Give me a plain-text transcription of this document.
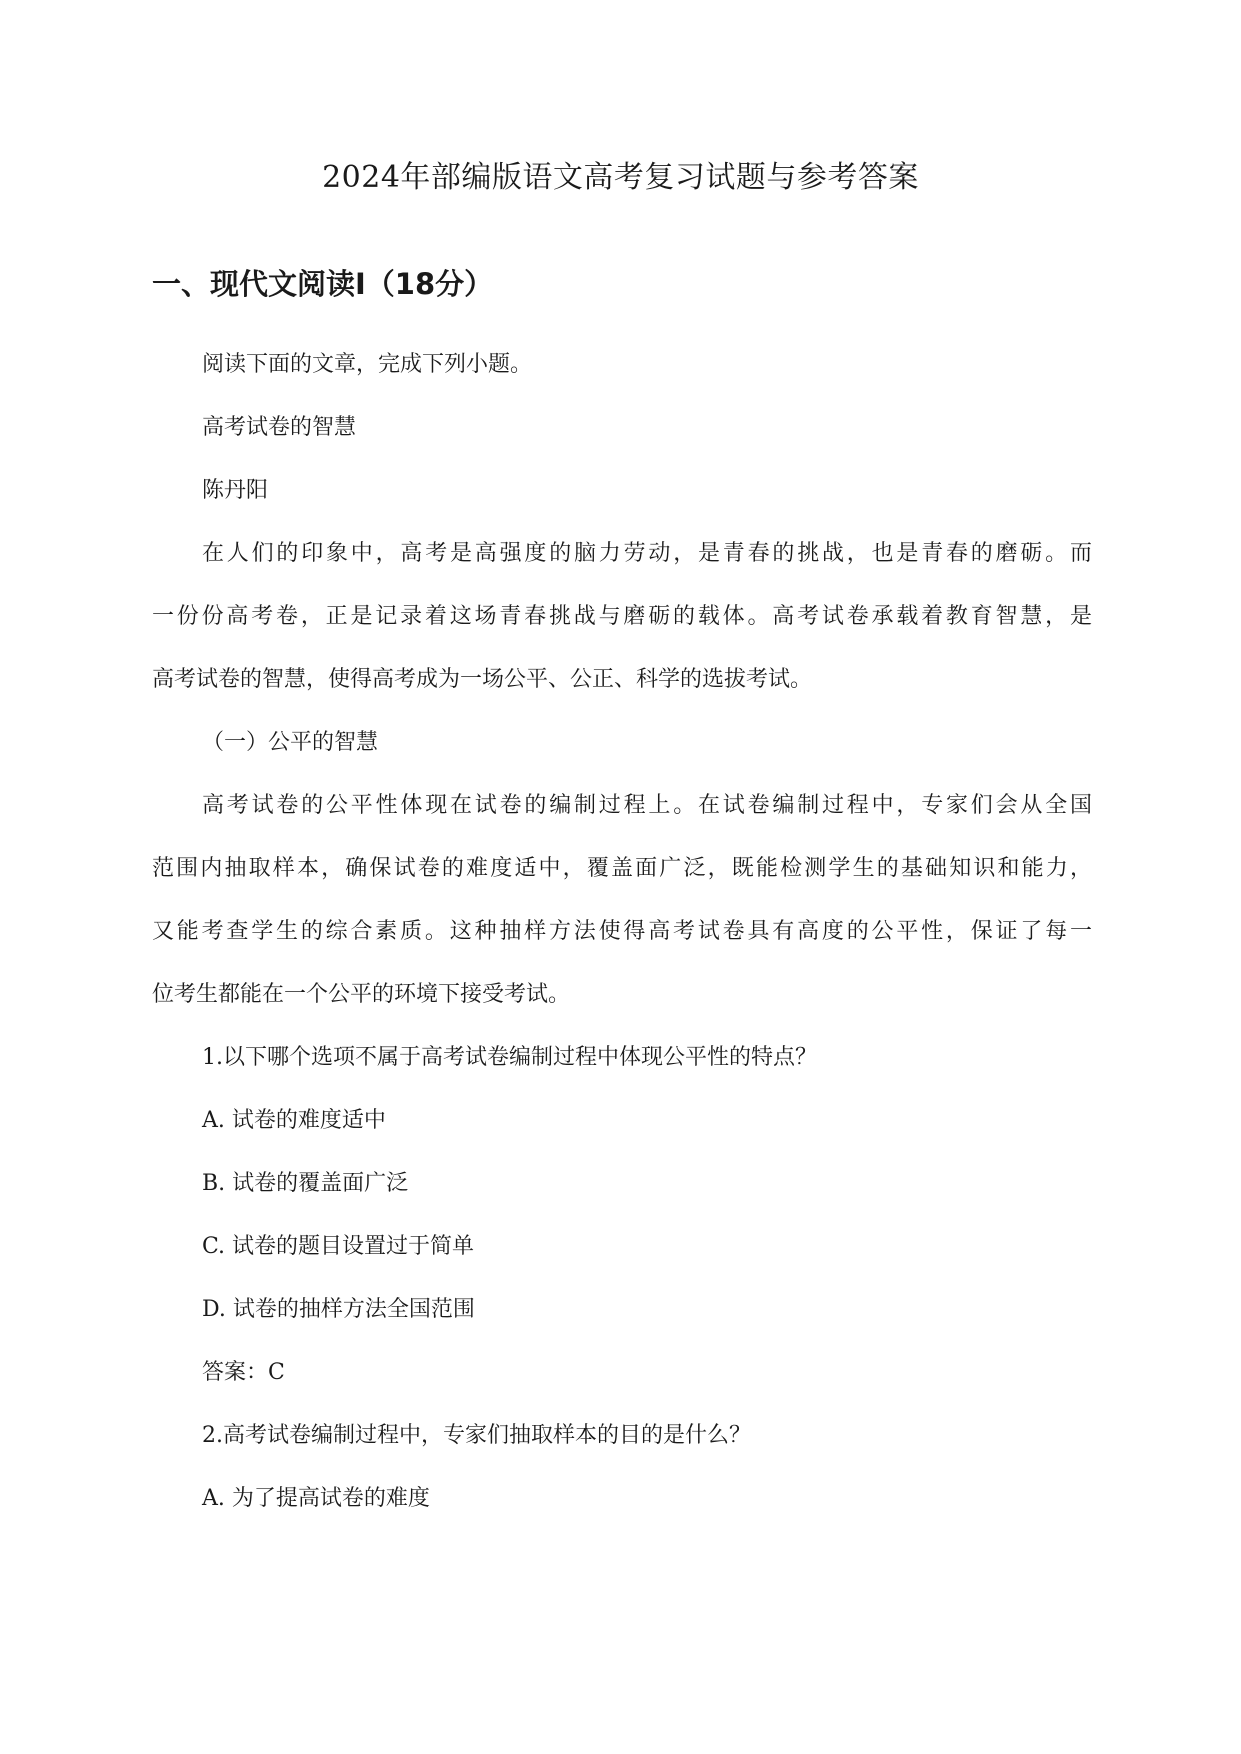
2024年部编版语文高考复习试题与参考答案
一、现代文阅读Ⅰ（18分）

阅读下面的文章，完成下列小题。

高考试卷的智慧

陈丹阳

在人们的印象中，高考是高强度的脑力劳动，是青春的挑战，也是青春的磨砺。而

一份份高考卷，正是记录着这场青春挑战与磨砺的载体。高考试卷承载着教育智慧，是

高考试卷的智慧，使得高考成为一场公平、公正、科学的选拔考试。

（一）公平的智慧

高考试卷的公平性体现在试卷的编制过程上。在试卷编制过程中，专家们会从全国

范围内抽取样本，确保试卷的难度适中，覆盖面广泛，既能检测学生的基础知识和能力，

又能考查学生的综合素质。这种抽样方法使得高考试卷具有高度的公平性，保证了每一

位考生都能在一个公平的环境下接受考试。

1.以下哪个选项不属于高考试卷编制过程中体现公平性的特点？

A. 试卷的难度适中

B. 试卷的覆盖面广泛

C. 试卷的题目设置过于简单

D. 试卷的抽样方法全国范围

答案：C

2.高考试卷编制过程中，专家们抽取样本的目的是什么？

A. 为了提高试卷的难度
